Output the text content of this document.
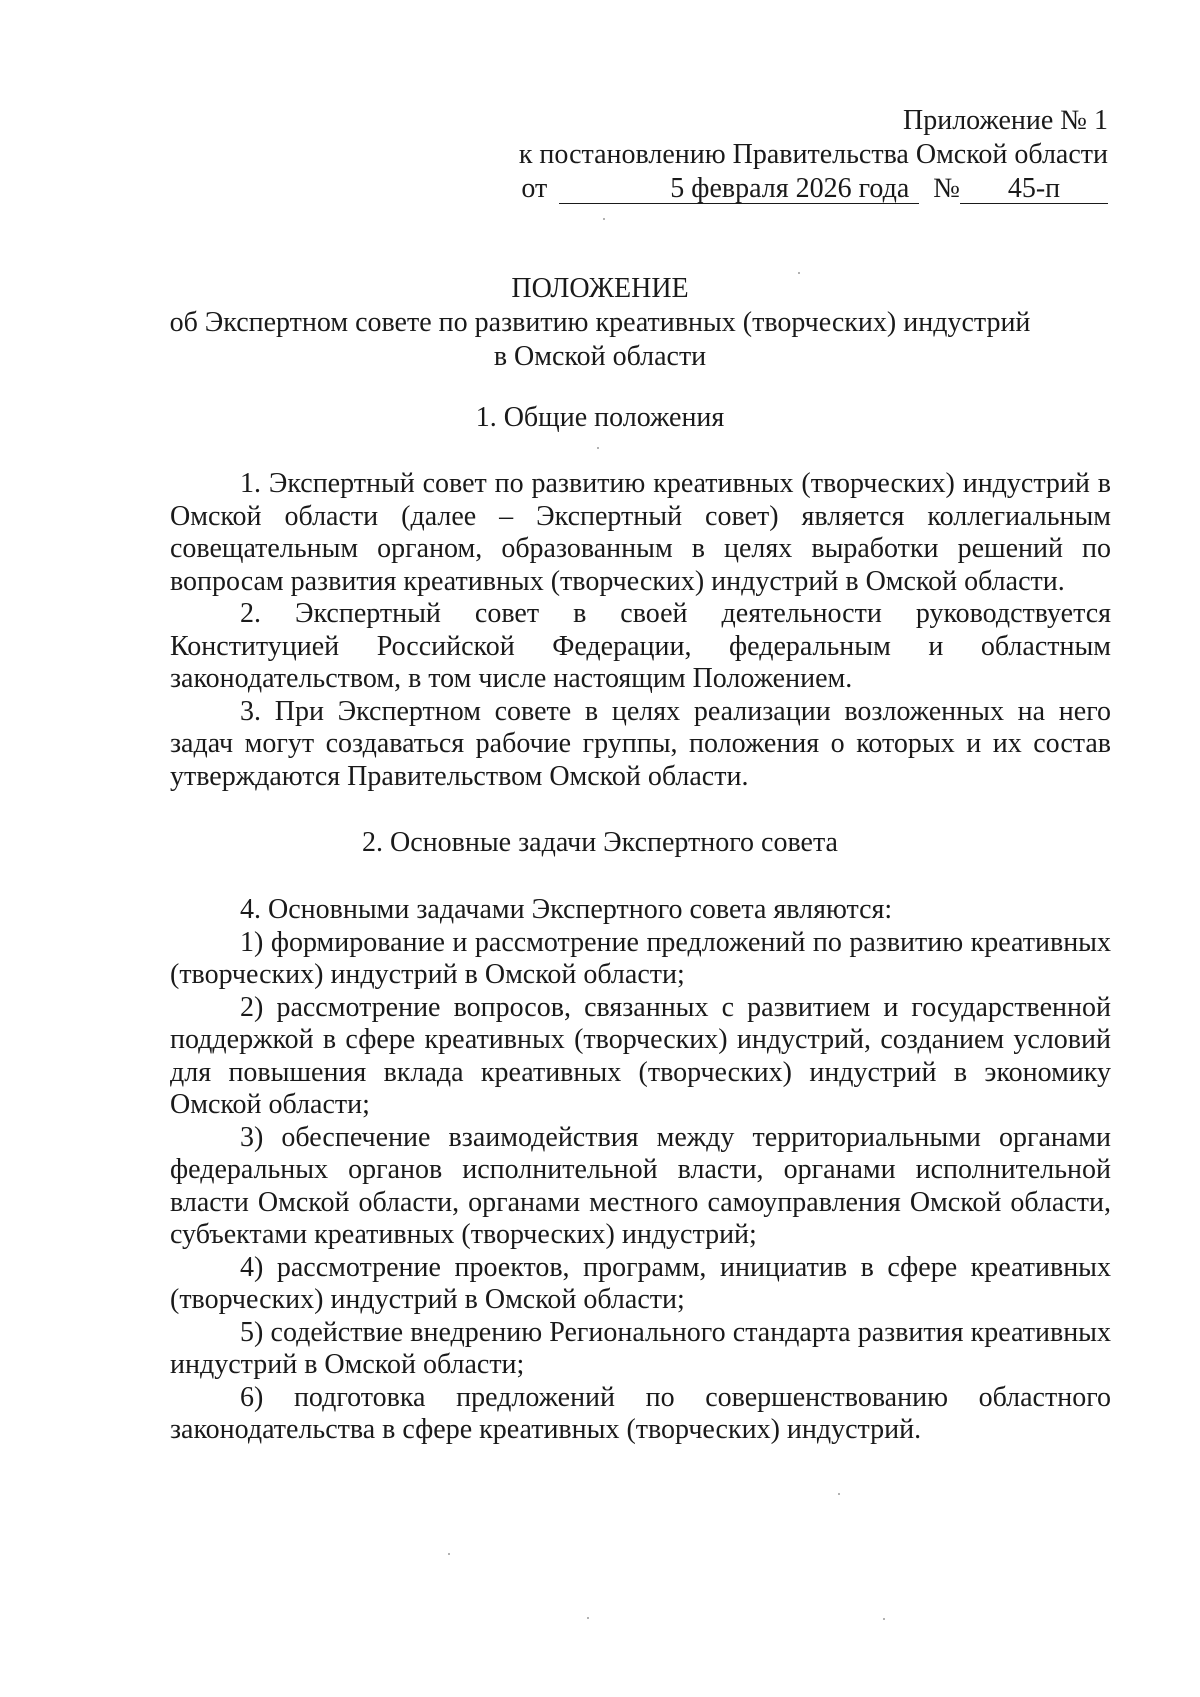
Приложение № 1
к постановлению Правительства Омской области
от	5 февраля 2026 года №	45-п
ПОЛОЖЕНИЕ
об Экспертном совете по развитию креативных (творческих) индустрий
в Омской области
1. Общие положения

1. Экспертный совет по развитию креативных (творческих) индустрий в Омской области (далее – Экспертный совет) является коллегиальным совещательным органом, образованным в целях выработки решений по вопросам развития креативных (творческих) индустрий в Омской области.

2. Экспертный совет в своей деятельности руководствуется Конституцией Российской Федерации, федеральным и областным законодательством, в том числе настоящим Положением.

3. При Экспертном совете в целях реализации возложенных на него задач могут создаваться рабочие группы, положения о которых и их состав утверждаются Правительством Омской области.

2. Основные задачи Экспертного совета

4. Основными задачами Экспертного совета являются:

1) формирование и рассмотрение предложений по развитию креативных (творческих) индустрий в Омской области;

2) рассмотрение вопросов, связанных с развитием и государственной поддержкой в сфере креативных (творческих) индустрий, созданием условий для повышения вклада креативных (творческих) индустрий в экономику Омской области;

3) обеспечение взаимодействия между территориальными органами федеральных органов исполнительной власти, органами исполнительной власти Омской области, органами местного самоуправления Омской области, субъектами креативных (творческих) индустрий;

4) рассмотрение проектов, программ, инициатив в сфере креативных (творческих) индустрий в Омской области;

5) содействие внедрению Регионального стандарта развития креативных индустрий в Омской области;

6) подготовка предложений по совершенствованию областного законодательства в сфере креативных (творческих) индустрий.
